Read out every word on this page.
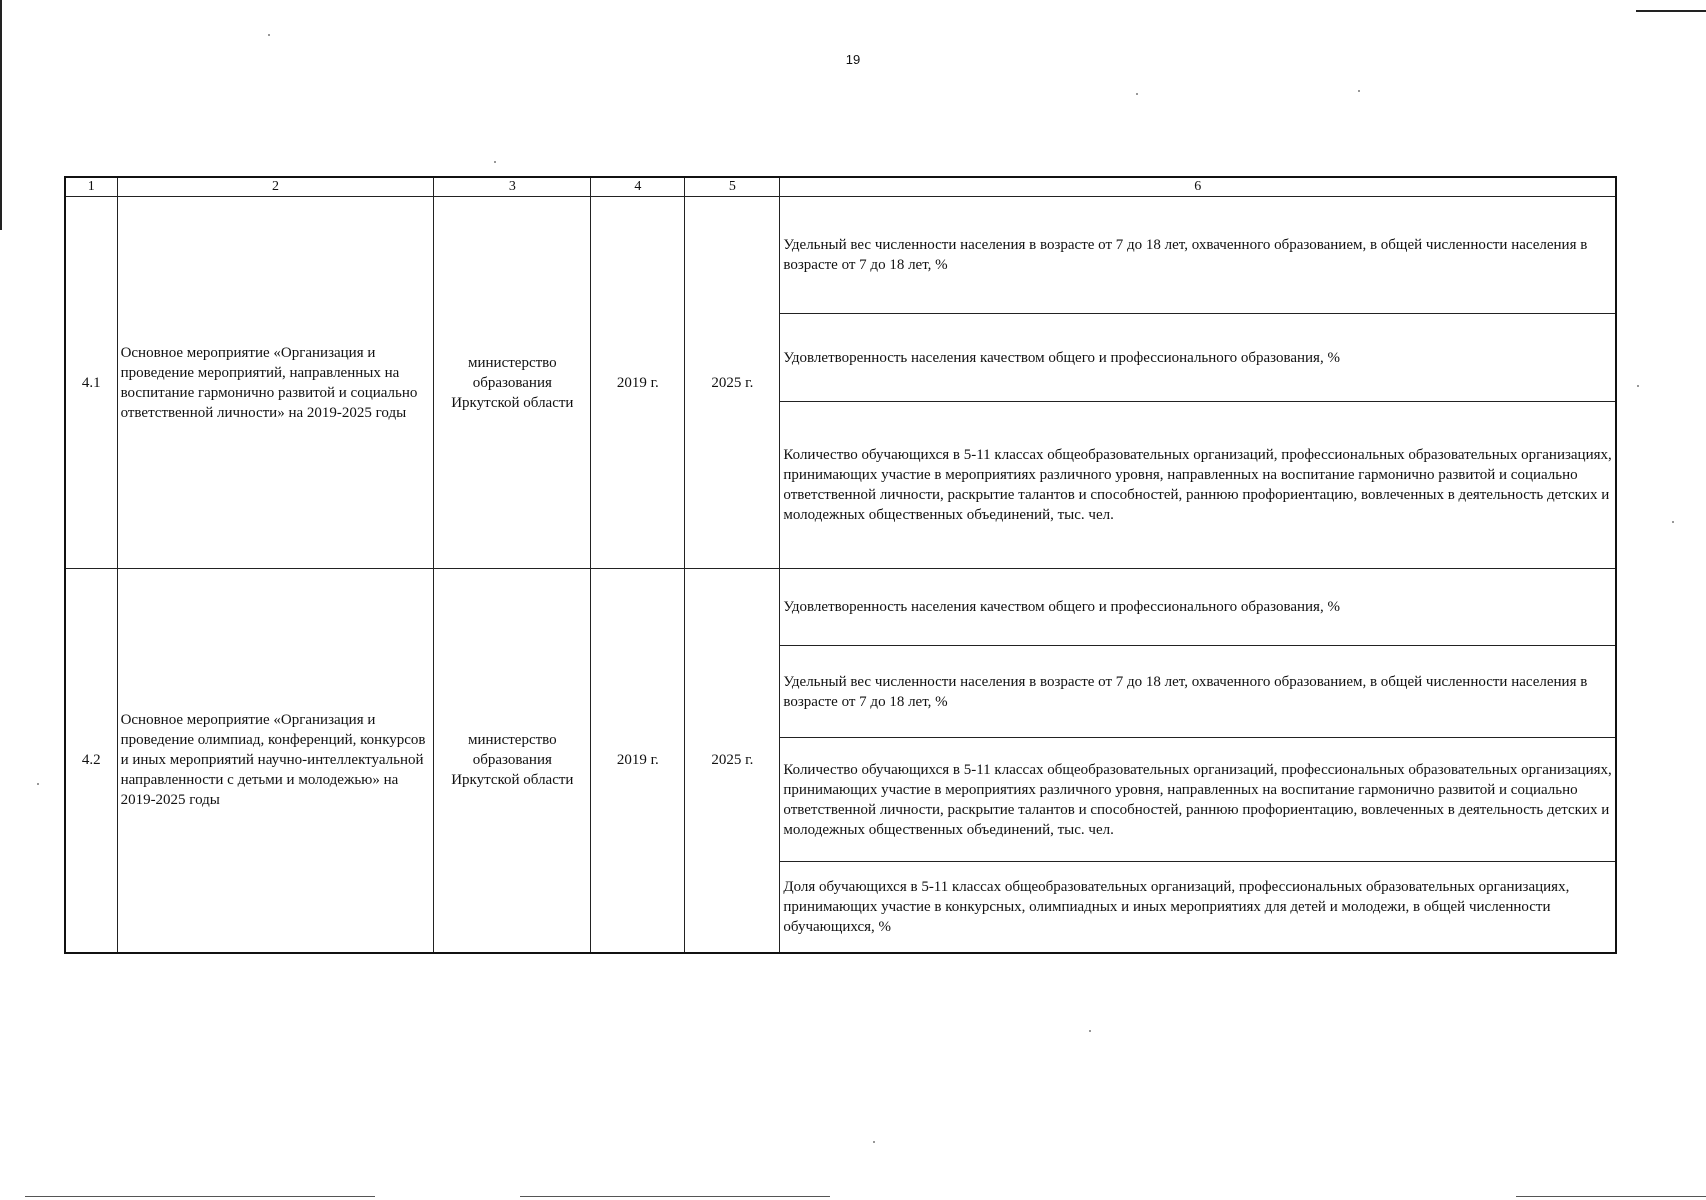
19
1	2	3	4	5	6
4.1	Основное мероприятие «Организация и проведение мероприятий, направленных на воспитание гармонично развитой и социально ответственной личности» на 2019-2025 годы	министерство образования Иркутской области	2019 г.	2025 г.	Удельный вес численности населения в возрасте от 7 до 18 лет, охваченного образованием, в общей численности населения в возрасте от 7 до 18 лет, %
					Удовлетворенность населения качеством общего и профессионального образования, %
					Количество обучающихся в 5-11 классах общеобразовательных организаций, профессиональных образовательных организациях, принимающих участие в мероприятиях различного уровня, направленных на воспитание гармонично развитой и социально ответственной личности, раскрытие талантов и способностей, раннюю профориентацию, вовлеченных в деятельность детских и молодежных общественных объединений, тыс. чел.
4.2	Основное мероприятие «Организация и проведение олимпиад, конференций, конкурсов и иных мероприятий научно-интеллектуальной направленности с детьми и молодежью» на 2019-2025 годы	министерство образования Иркутской области	2019 г.	2025 г.	Удовлетворенность населения качеством общего и профессионального образования, %
					Удельный вес численности населения в возрасте от 7 до 18 лет, охваченного образованием, в общей численности населения в возрасте от 7 до 18 лет, %
					Количество обучающихся в 5-11 классах общеобразовательных организаций, профессиональных образовательных организациях, принимающих участие в мероприятиях различного уровня, направленных на воспитание гармонично развитой и социально ответственной личности, раскрытие талантов и способностей, раннюю профориентацию, вовлеченных в деятельность детских и молодежных общественных объединений, тыс. чел.
					Доля обучающихся в 5-11 классах общеобразовательных организаций, профессиональных образовательных организациях, принимающих участие в конкурсных, олимпиадных и иных мероприятиях для детей и молодежи, в общей численности обучающихся, %
